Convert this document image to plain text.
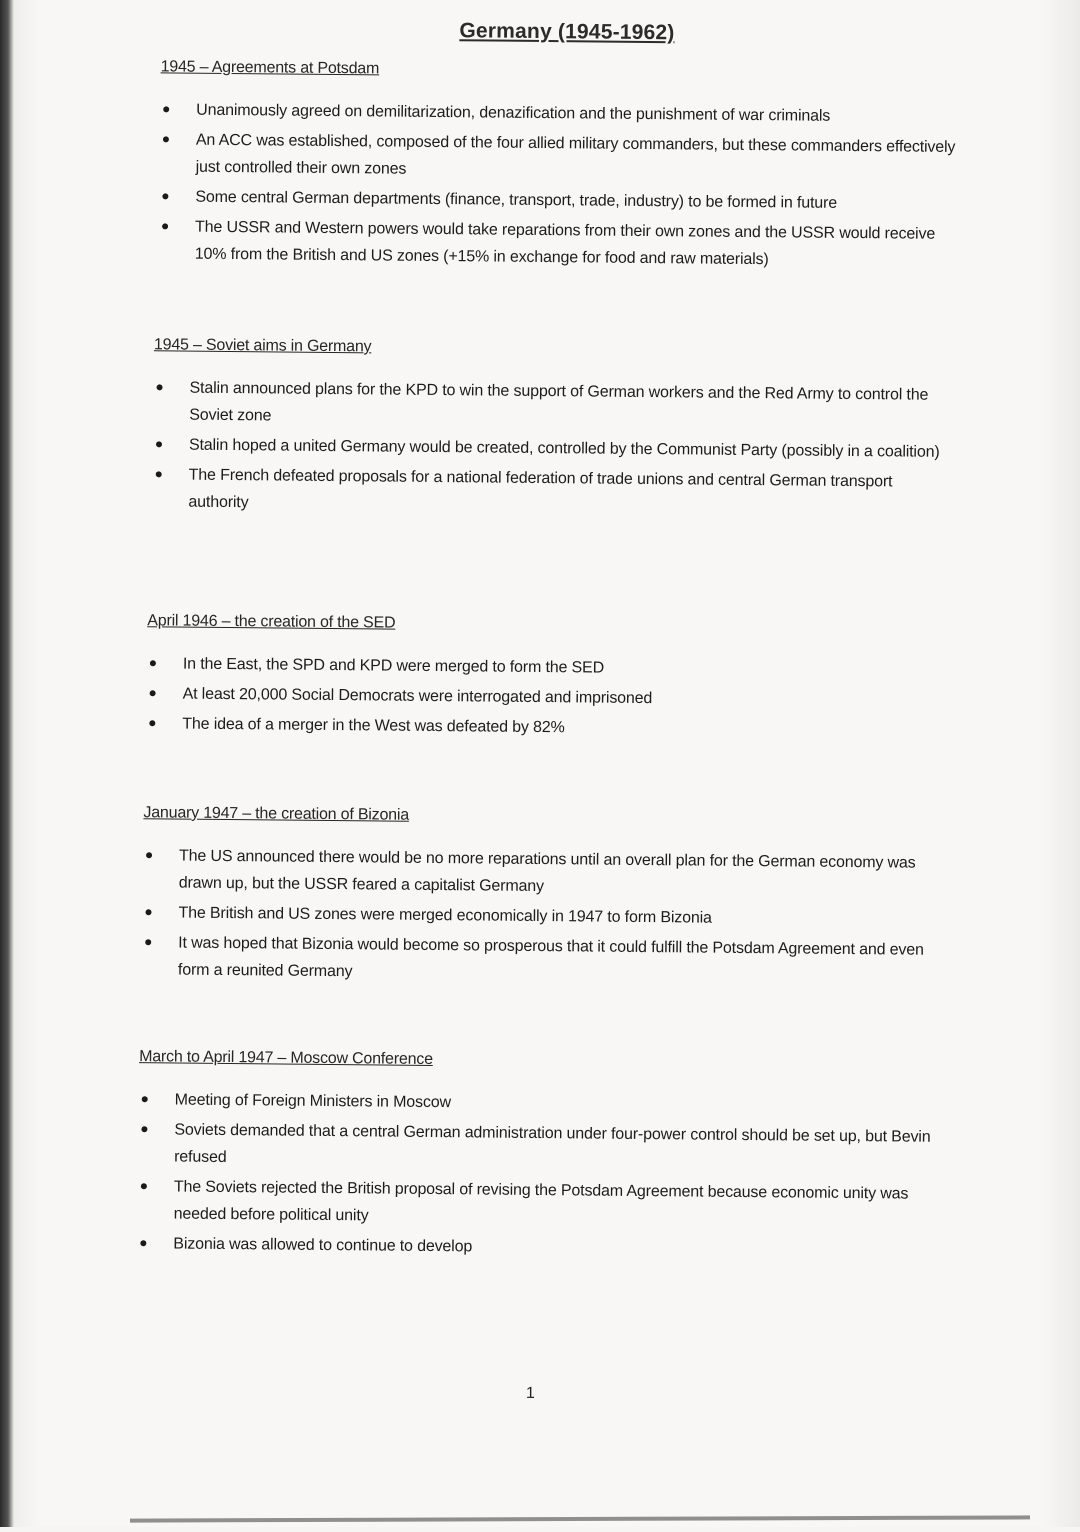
Germany (1945-1962)
1945 – Agreements at Potsdam
Unanimously agreed on demilitarization, denazification and the punishment of war criminals
An ACC was established, composed of the four allied military commanders, but these commanders effectively just controlled their own zones
Some central German departments (finance, transport, trade, industry) to be formed in future
The USSR and Western powers would take reparations from their own zones and the USSR would receive 10% from the British and US zones (+15% in exchange for food and raw materials)
1945 – Soviet aims in Germany
Stalin announced plans for the KPD to win the support of German workers and the Red Army to control the Soviet zone
Stalin hoped a united Germany would be created, controlled by the Communist Party (possibly in a coalition)
The French defeated proposals for a national federation of trade unions and central German transport authority
April 1946 – the creation of the SED
In the East, the SPD and KPD were merged to form the SED
At least 20,000 Social Democrats were interrogated and imprisoned
The idea of a merger in the West was defeated by 82%
January 1947 – the creation of Bizonia
The US announced there would be no more reparations until an overall plan for the German economy was drawn up, but the USSR feared a capitalist Germany
The British and US zones were merged economically in 1947 to form Bizonia
It was hoped that Bizonia would become so prosperous that it could fulfill the Potsdam Agreement and even form a reunited Germany
March to April 1947 – Moscow Conference
Meeting of Foreign Ministers in Moscow
Soviets demanded that a central German administration under four-power control should be set up, but Bevin refused
The Soviets rejected the British proposal of revising the Potsdam Agreement because economic unity was needed before political unity
Bizonia was allowed to continue to develop
1
